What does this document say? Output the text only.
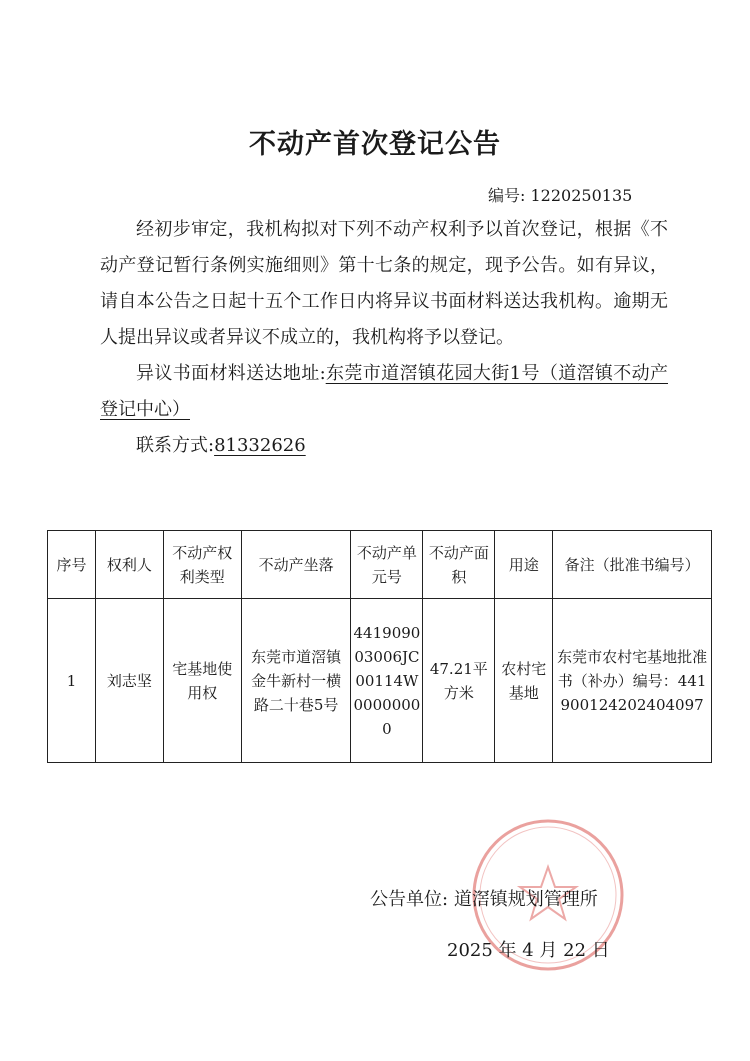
不动产首次登记公告
编号: 1220250135

经初步审定，我机构拟对下列不动产权利予以首次登记，根据《不动产登记暂行条例实施细则》第十七条的规定，现予公告。如有异议，请自本公告之日起十五个工作日内将异议书面材料送达我机构。逾期无人提出异议或者异议不成立的，我机构将予以登记。

异议书面材料送达地址:东莞市道滘镇花园大街1号（道滘镇不动产登记中心）

联系方式:81332626

序号	权利人	不动产权利类型	不动产坐落	不动产单元号	不动产面积	用途	备注（批准书编号）
1	刘志坚	宅基地使用权	东莞市道滘镇金牛新村一横路二十巷5号	441909003006JC00114W00000000	47.21平方米	农村宅基地	东莞市农村宅基地批准书（补办）编号：441900124202404097
公告单位: 道滘镇规划管理所
2025 年 4 月 22 日
